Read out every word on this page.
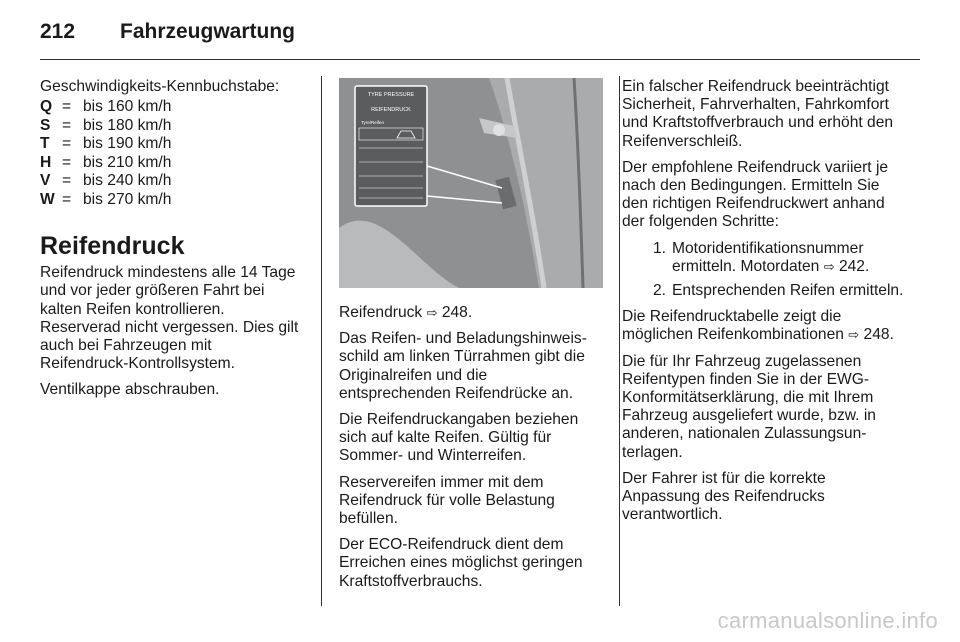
212 Fahrzeugwartung

Geschwindigkeits-Kennbuchstabe:

Q = bis 160 km/h
S = bis 180 km/h
T = bis 190 km/h
H = bis 210 km/h
V = bis 240 km/h
W = bis 270 km/h
Reifendruck

Reifendruck mindestens alle 14 Tage und vor jeder größeren Fahrt bei kalten Reifen kontrollieren. Reserverad nicht vergessen. Dies gilt auch bei Fahrzeugen mit Reifendruck-Kontrollsystem.

Ventilkappe abschrauben.

TYRE PRESSURE
REIFENDRUCK
Tyre/Reifen

Reifendruck ⇨ 248.

Das Reifen- und Beladungshinweis-schild am linken Türrahmen gibt die Originalreifen und die entsprechenden Reifendrücke an.

Die Reifendruckangaben beziehen sich auf kalte Reifen. Gültig für Sommer- und Winterreifen.

Reservereifen immer mit dem Reifendruck für volle Belastung befüllen.

Der ECO-Reifendruck dient dem Erreichen eines möglichst geringen Kraftstoffverbrauchs.

Ein falscher Reifendruck beeinträchtigt Sicherheit, Fahrverhalten, Fahrkomfort und Kraftstoffverbrauch und erhöht den Reifenverschleiß.

Der empfohlene Reifendruck variiert je nach den Bedingungen. Ermitteln Sie den richtigen Reifendruckwert anhand der folgenden Schritte:

1. Motoridentifikationsnummer ermitteln. Motordaten ⇨ 242.
2. Entsprechenden Reifen ermitteln.

Die Reifendrucktabelle zeigt die möglichen Reifenkombinationen ⇨ 248.

Die für Ihr Fahrzeug zugelassenen Reifentypen finden Sie in der EWG-Konformitätserklärung, die mit Ihrem Fahrzeug ausgeliefert wurde, bzw. in anderen, nationalen Zulassungsun-terlagen.

Der Fahrer ist für die korrekte Anpassung des Reifendrucks verantwortlich.

carmanualsonline.info
